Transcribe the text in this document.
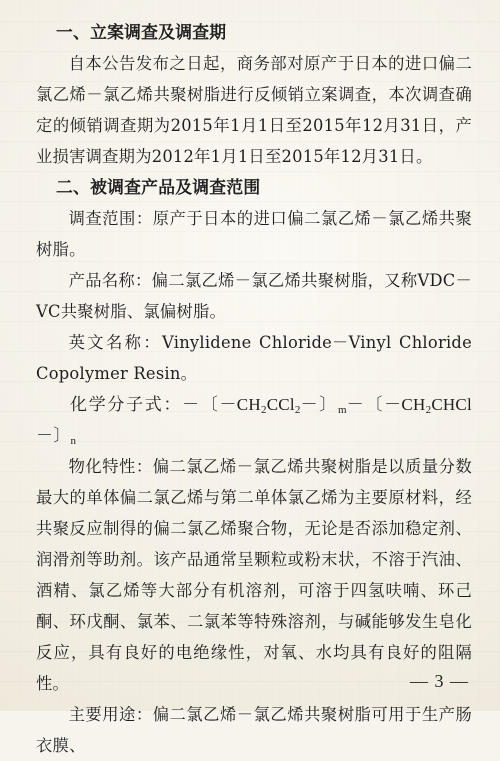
一、立案调查及调查期

自本公告发布之日起，商务部对原产于日本的进口偏二氯乙烯－氯乙烯共聚树脂进行反倾销立案调查，本次调查确定的倾销调查期为2015年1月1日至2015年12月31日，产业损害调查期为2012年1月1日至2015年12月31日。

二、被调查产品及调查范围

调查范围：原产于日本的进口偏二氯乙烯－氯乙烯共聚树脂。

产品名称：偏二氯乙烯－氯乙烯共聚树脂，又称VDC－VC共聚树脂、氯偏树脂。

英文名称：Vinylidene Chloride－Vinyl Chloride Copolymer Resin。

化学分子式：－〔$-CH_2CCl_2-$〕$_m$－〔$-CH_2CHCl-$〕$_n$

物化特性：偏二氯乙烯－氯乙烯共聚树脂是以质量分数最大的单体偏二氯乙烯与第二单体氯乙烯为主要原材料，经共聚反应制得的偏二氯乙烯聚合物，无论是否添加稳定剂、润滑剂等助剂。该产品通常呈颗粒或粉末状，不溶于汽油、酒精、氯乙烯等大部分有机溶剂，可溶于四氢呋喃、环己酮、环戊酮、氯苯、二氯苯等特殊溶剂，与碱能够发生皂化反应，具有良好的电绝缘性，对氧、水均具有良好的阻隔性。

主要用途：偏二氯乙烯－氯乙烯共聚树脂可用于生产肠衣膜、

— 3 —
